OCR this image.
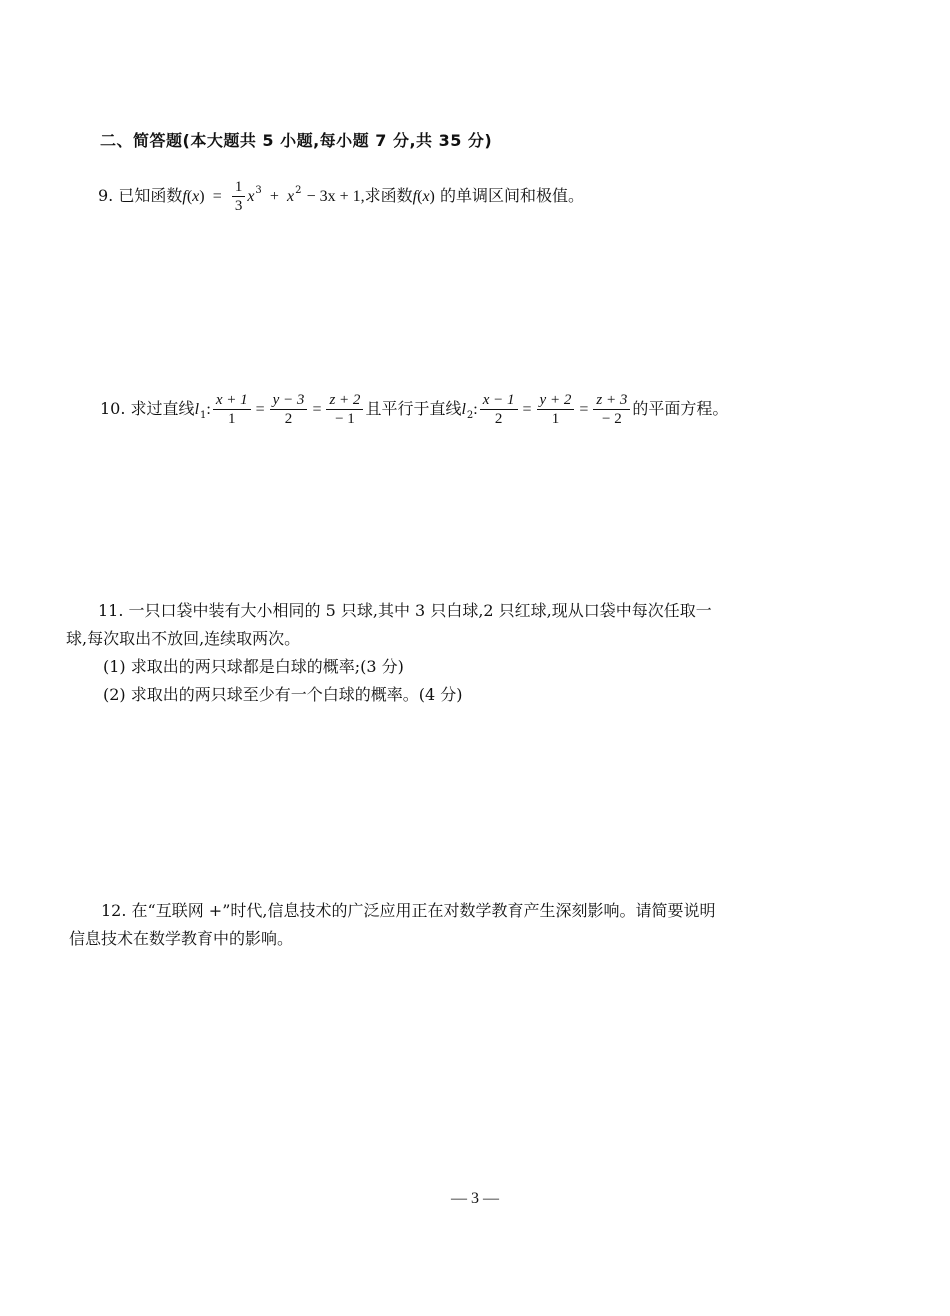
二、简答题(本大题共 5 小题,每小题 7 分,共 35 分)
9. 已知函数$f(x) = \frac{1}{3} x^3 + x^2 - 3x + 1$,求函数f(x) 的单调区间和极值。
10. 求过直线$l_1$: $\frac{x + 1}{1} = \frac{y - 3}{2} = \frac{z + 2}{- 1}$ 且平行于直线$l_2$: $\frac{x - 1}{2} = \frac{y + 2}{1} = \frac{z + 3}{- 2}$ 的平面方程。
11. 一只口袋中装有大小相同的 5 只球,其中 3 只白球,2 只红球,现从口袋中每次任取一
球,每次取出不放回,连续取两次。
(1) 求取出的两只球都是白球的概率;(3 分)
(2) 求取出的两只球至少有一个白球的概率。(4 分)
12. 在“互联网 +”时代,信息技术的广泛应用正在对数学教育产生深刻影响。请简要说明
信息技术在数学教育中的影响。
— 3 —
